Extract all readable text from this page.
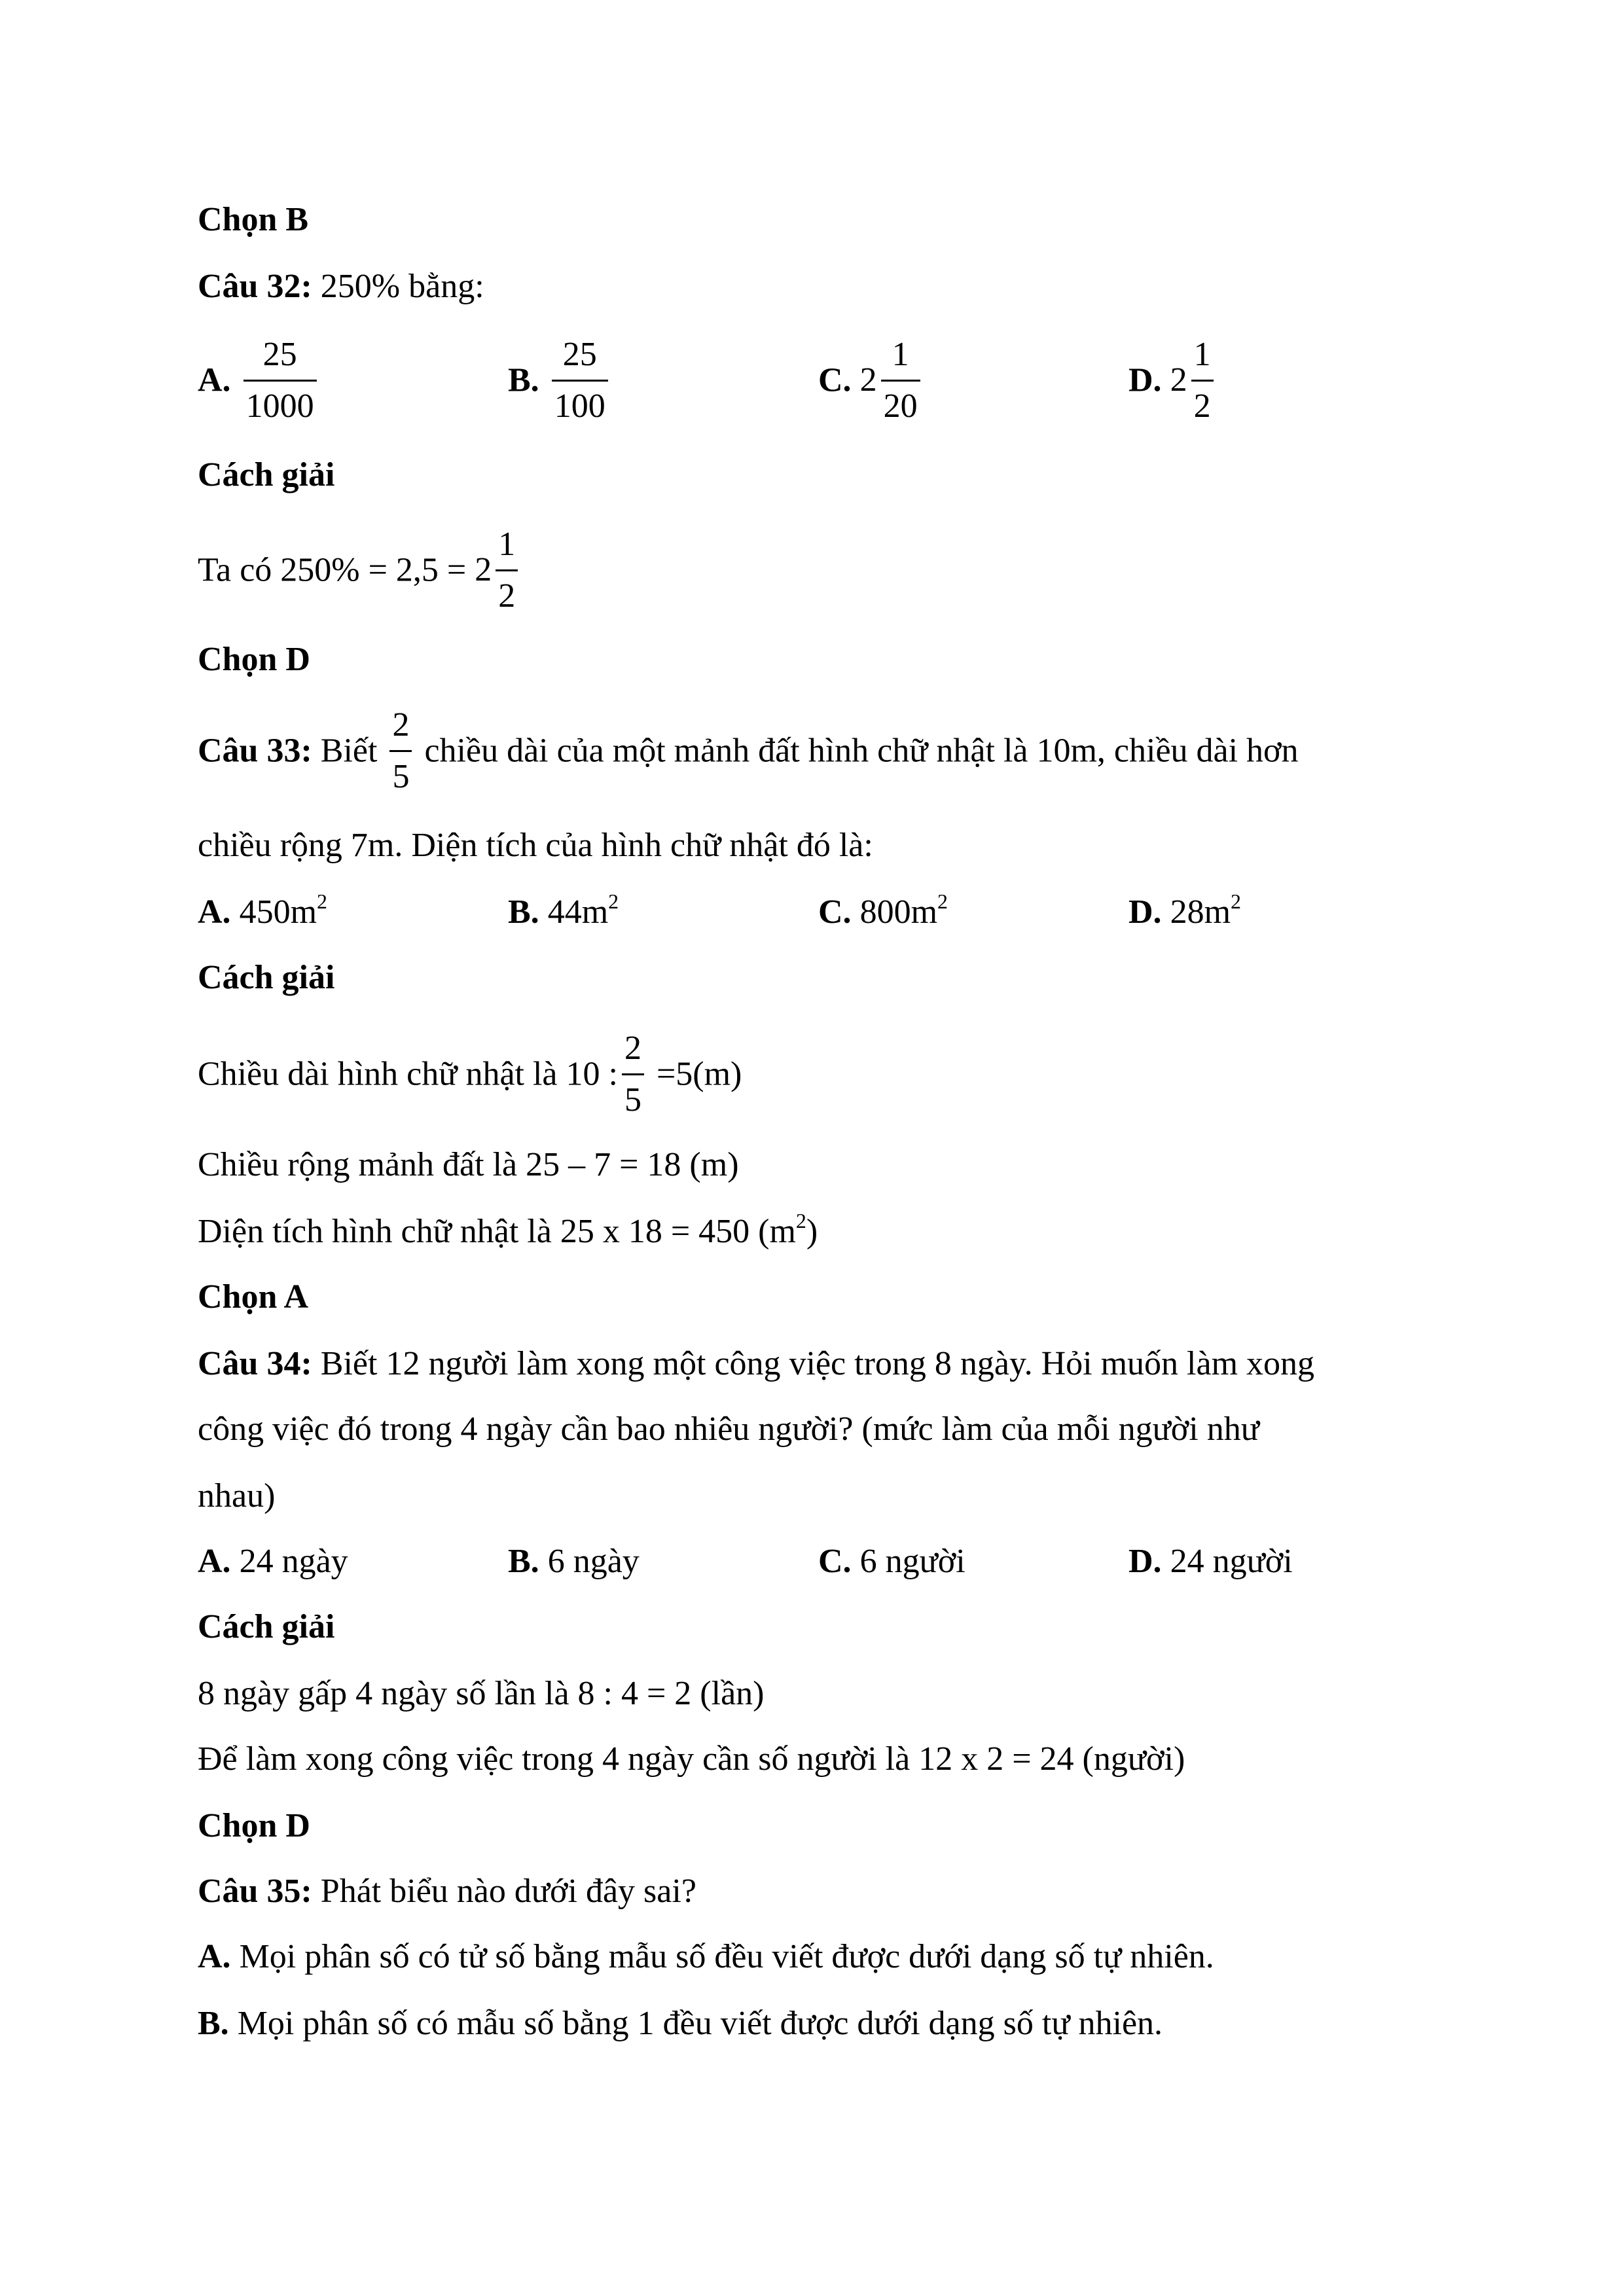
Chọn B
Câu 32: 250% bằng:
A. $\frac{25}{1000}$	B. $\frac{25}{100}$	C. $2 \frac{1}{20}$	D. $2 \frac{1}{2}$
Cách giải
Ta có $250\% = 2,5 = 2 \frac{1}{2}$
Chọn D
Câu 33: Biết $\frac{2}{5}$ chiều dài của một mảnh đất hình chữ nhật là 10m, chiều dài hơn
chiều rộng 7m. Diện tích của hình chữ nhật đó là:
A. $450m^2$	B. $44m^2$	C. $800m^2$	D. $28m^2$
Cách giải
Chiều dài hình chữ nhật là 10 : $\frac{2}{5} =5(m)$
Chiều rộng mảnh đất là 25 – 7 = 18 (m)
Diện tích hình chữ nhật là 25 x 18 = 450 $(m^2)$
Chọn A
Câu 34: Biết 12 người làm xong một công việc trong 8 ngày. Hỏi muốn làm xong
công việc đó trong 4 ngày cần bao nhiêu người? (mức làm của mỗi người như
nhau)
A. 24 ngày	B. 6 ngày	C. 6 người	D. 24 người
Cách giải
8 ngày gấp 4 ngày số lần là 8 : 4 = 2 (lần)
Để làm xong công việc trong 4 ngày cần số người là 12 x 2 = 24 (người)
Chọn D
Câu 35: Phát biểu nào dưới đây sai?
A. Mọi phân số có tử số bằng mẫu số đều viết được dưới dạng số tự nhiên.
B. Mọi phân số có mẫu số bằng 1 đều viết được dưới dạng số tự nhiên.
